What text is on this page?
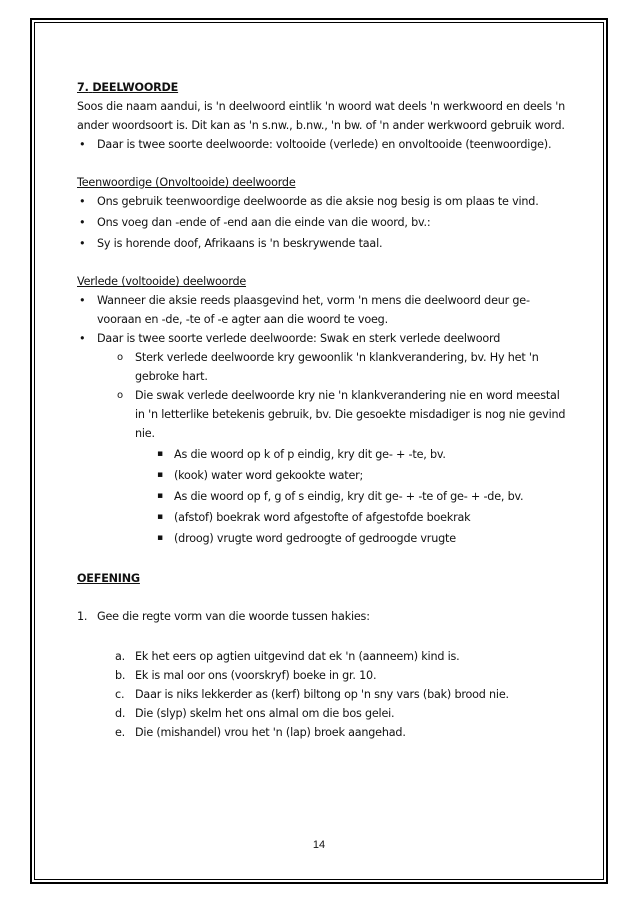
7. DEELWOORDE

Soos die naam aandui, is 'n deelwoord eintlik 'n woord wat deels 'n werkwoord en deels 'n ander woordsoort is. Dit kan as 'n s.nw., b.nw., 'n bw. of 'n ander werkwoord gebruik word.

• Daar is twee soorte deelwoorde: voltooide (verlede) en onvoltooide (teenwoordige).

Teenwoordige (Onvoltooide) deelwoorde

• Ons gebruik teenwoordige deelwoorde as die aksie nog besig is om plaas te vind.
• Ons voeg dan -ende of -end aan die einde van die woord, bv.:
• Sy is horende doof, Afrikaans is 'n beskrywende taal.

Verlede (voltooide) deelwoorde

• Wanneer die aksie reeds plaasgevind het, vorm 'n mens die deelwoord deur ge- vooraan en -de, -te of -e agter aan die woord te voeg.
• Daar is twee soorte verlede deelwoorde: Swak en sterk verlede deelwoord
o Sterk verlede deelwoorde kry gewoonlik 'n klankverandering, bv. Hy het 'n gebroke hart.
o Die swak verlede deelwoorde kry nie 'n klankverandering nie en word meestal in 'n letterlike betekenis gebruik, bv. Die gesoekte misdadiger is nog nie gevind nie.
▪ As die woord op k of p eindig, kry dit ge- + -te, bv.
▪ (kook) water word gekookte water;
▪ As die woord op f, g of s eindig, kry dit ge- + -te of ge- + -de, bv.
▪ (afstof) boekrak word afgestofte of afgestofde boekrak
▪ (droog) vrugte word gedroogte of gedroogde vrugte

OEFENING

1. Gee die regte vorm van die woorde tussen hakies:
a. Ek het eers op agtien uitgevind dat ek 'n (aanneem) kind is.
b. Ek is mal oor ons (voorskryf) boeke in gr. 10.
c. Daar is niks lekkerder as (kerf) biltong op 'n sny vars (bak) brood nie.
d. Die (slyp) skelm het ons almal om die bos gelei.
e. Die (mishandel) vrou het 'n (lap) broek aangehad.
14
